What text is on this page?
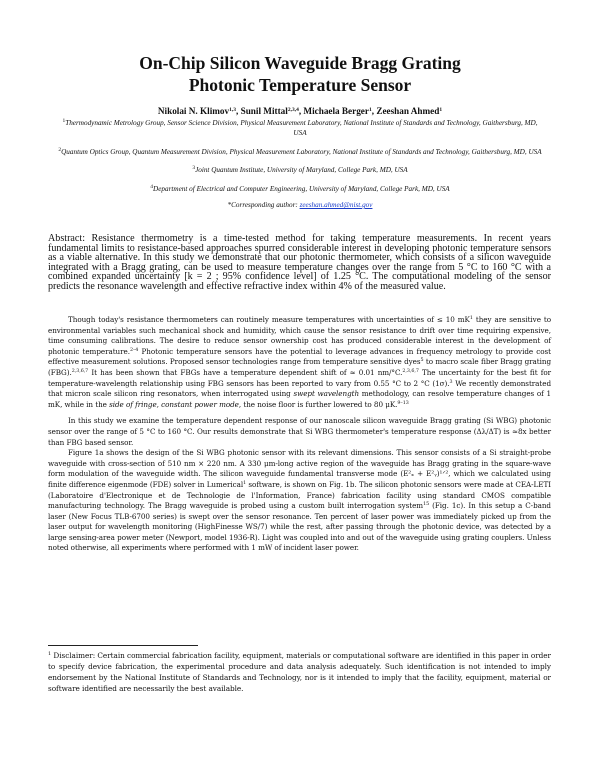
On-Chip Silicon Waveguide Bragg Grating
Photonic Temperature Sensor

Nikolai N. Klimov$^{1,3}$, Sunil Mittal$^{2,3,4}$, Michaela Berger$^1$, Zeeshan Ahmed$^1$

$^1$Thermodynamic Metrology Group, Sensor Science Division, Physical Measurement Laboratory, National Institute of Standards and Technology, Gaithersburg, MD, USA

$^2$Quantum Optics Group, Quantum Measurement Division, Physical Measurement Laboratory, National Institute of Standards and Technology, Gaithersburg, MD, USA

$^3$Joint Quantum Institute, University of Maryland, College Park, MD, USA

$^4$Department of Electrical and Computer Engineering, University of Maryland, College Park, MD, USA

*Corresponding author: zeeshan.ahmed@nist.gov

Abstract: Resistance thermometry is a time-tested method for taking temperature measurements. In recent years fundamental limits to resistance-based approaches spurred considerable interest in developing photonic temperature sensors as a viable alternative. In this study we demonstrate that our photonic thermometer, which consists of a silicon waveguide integrated with a Bragg grating, can be used to measure temperature changes over the range from 5 °C to 160 °C with a combined expanded uncertainty [k = 2 ; 95% confidence level] of 1.25 °C. The computational modeling of the sensor predicts the resonance wavelength and effective refractive index within 4% of the measured value.

Though today's resistance thermometers can routinely measure temperatures with uncertainties of ≤ 10 $mK^1$ they are sensitive to environmental variables such mechanical shock and humidity, which cause the sensor resistance to drift over time requiring expensive, time consuming calibrations. The desire to reduce sensor ownership cost has produced considerable interest in the development of photonic temperature.$^{2-4}$ Photonic temperature sensors have the potential to leverage advances in frequency metrology to provide cost effective measurement solutions. Proposed sensor technologies range from temperature sensitive dyes$^5$ to macro scale fiber Bragg grating (FBG).$^{2,3,6,7}$ It has been shown that FBGs have a temperature dependent shift of ≈ 0.01 nm/°C.$^{2,3,6,7}$ The uncertainty for the best fit for temperature-wavelength relationship using FBG sensors has been reported to vary from 0.55 °C to 2 °C (1σ).$^3$ We recently demonstrated that micron scale silicon ring resonators, when interrogated using swept wavelength methodology, can resolve temperature changes of 1 mK, while in the side of fringe, constant power mode, the noise floor is further lowered to 80 μK.$^{9-13}$

In this study we examine the temperature dependent response of our nanoscale silicon waveguide Bragg grating (Si WBG) photonic sensor over the range of 5 °C to 160 °C. Our results demonstrate that Si WBG thermometer's temperature response (Δλ/ΔT) is ≈8x better than FBG based sensor.

Figure 1a shows the design of the Si WBG photonic sensor with its relevant dimensions. This sensor consists of a Si straight-probe waveguide with cross-section of 510 nm × 220 nm. A 330 μm-long active region of the waveguide has Bragg grating in the square-wave form modulation of the waveguide width. The silicon waveguide fundamental transverse mode (E²ₓ + E²ᵧ)¹ᐟ², which we calculated using finite difference eigenmode (FDE) solver in Lumerical$^1$ software, is shown on Fig. 1b. The silicon photonic sensors were made at CEA-LETI (Laboratoire d'Electronique et de Technologie de l'Information, France) fabrication facility using standard CMOS compatible manufacturing technology. The Bragg waveguide is probed using a custom built interrogation system$^{15}$ (Fig. 1c). In this setup a C-band laser (New Focus TLB-6700 series) is swept over the sensor resonance. Ten percent of laser power was immediately picked up from the laser output for wavelength monitoring (HighFinesse WS/7) while the rest, after passing through the photonic device, was detected by a large sensing-area power meter (Newport, model 1936-R). Light was coupled into and out of the waveguide using grating couplers. Unless noted otherwise, all experiments where performed with 1 mW of incident laser power.

$^1$ Disclaimer: Certain commercial fabrication facility, equipment, materials or computational software are identified in this paper in order to specify device fabrication, the experimental procedure and data analysis adequately. Such identification is not intended to imply endorsement by the National Institute of Standards and Technology, nor is it intended to imply that the facility, equipment, material or software identified are necessarily the best available.
